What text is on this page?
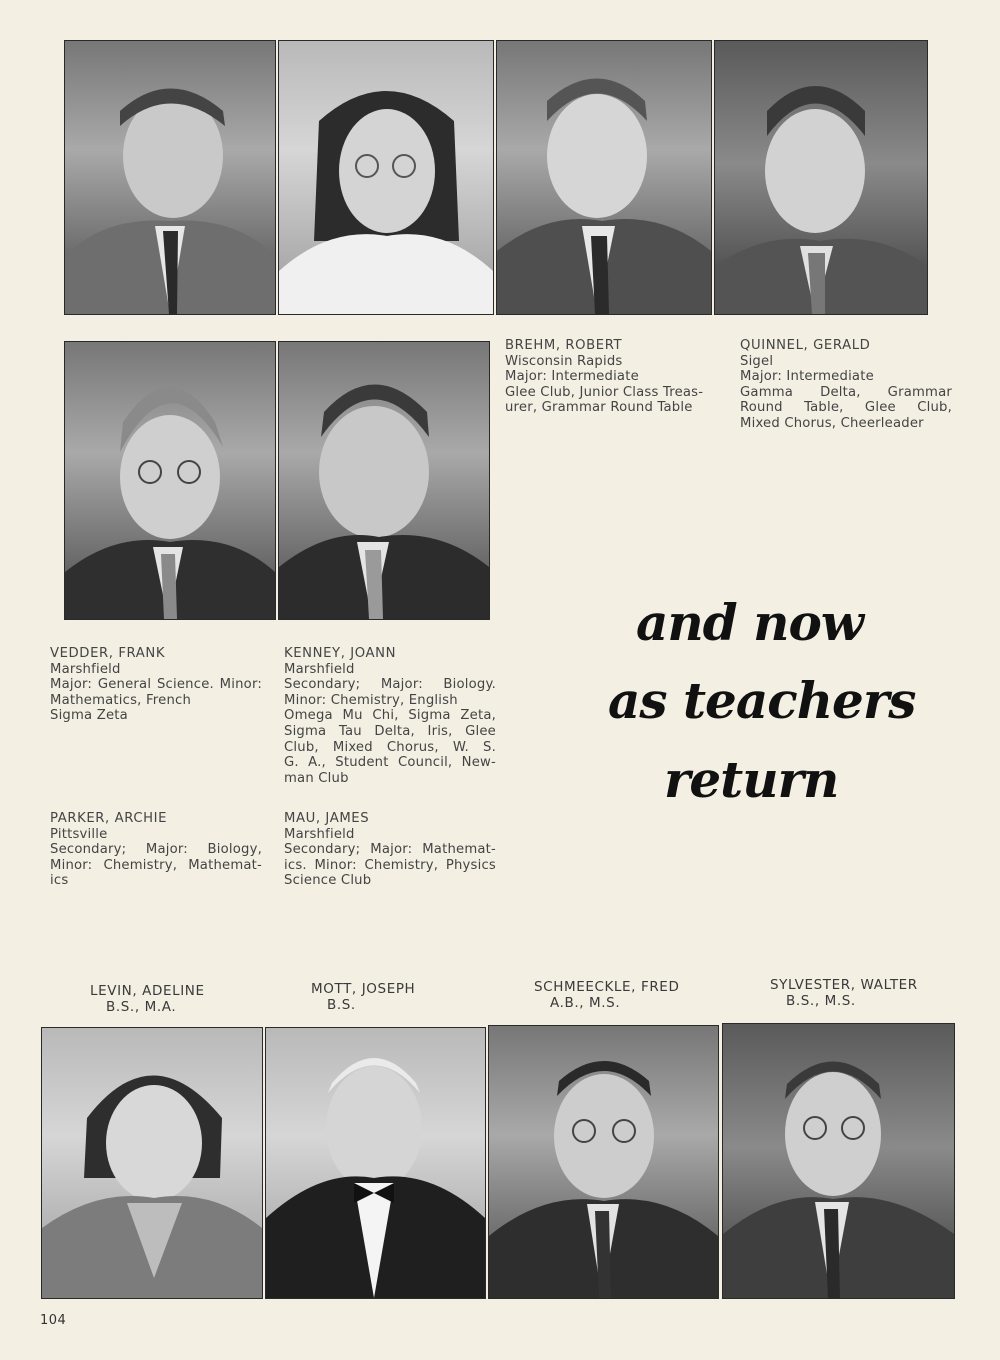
BREHM, ROBERT
Wisconsin Rapids
Major: Intermediate
Glee Club, Junior Class Treas-
urer, Grammar Round Table
QUINNEL, GERALD
Sigel
Major: Intermediate
Gamma Delta, Grammar
Round Table, Glee Club,
Mixed Chorus, Cheerleader
VEDDER, FRANK
Marshfield
Major: General Science. Minor:
Mathematics, French
Sigma Zeta
KENNEY, JOANN
Marshfield
Secondary; Major: Biology.
Minor: Chemistry, English
Omega Mu Chi, Sigma Zeta,
Sigma Tau Delta, Iris, Glee
Club, Mixed Chorus, W. S.
G. A., Student Council, New-
man Club
PARKER, ARCHIE
Pittsville
Secondary; Major: Biology,
Minor: Chemistry, Mathemat-
ics
MAU, JAMES
Marshfield
Secondary; Major: Mathemat-
ics. Minor: Chemistry, Physics
Science Club
and now
as teachers
return
LEVIN, ADELINE
B.S., M.A.
MOTT, JOSEPH
B.S.
SCHMEECKLE, FRED
A.B., M.S.
SYLVESTER, WALTER
B.S., M.S.
104
